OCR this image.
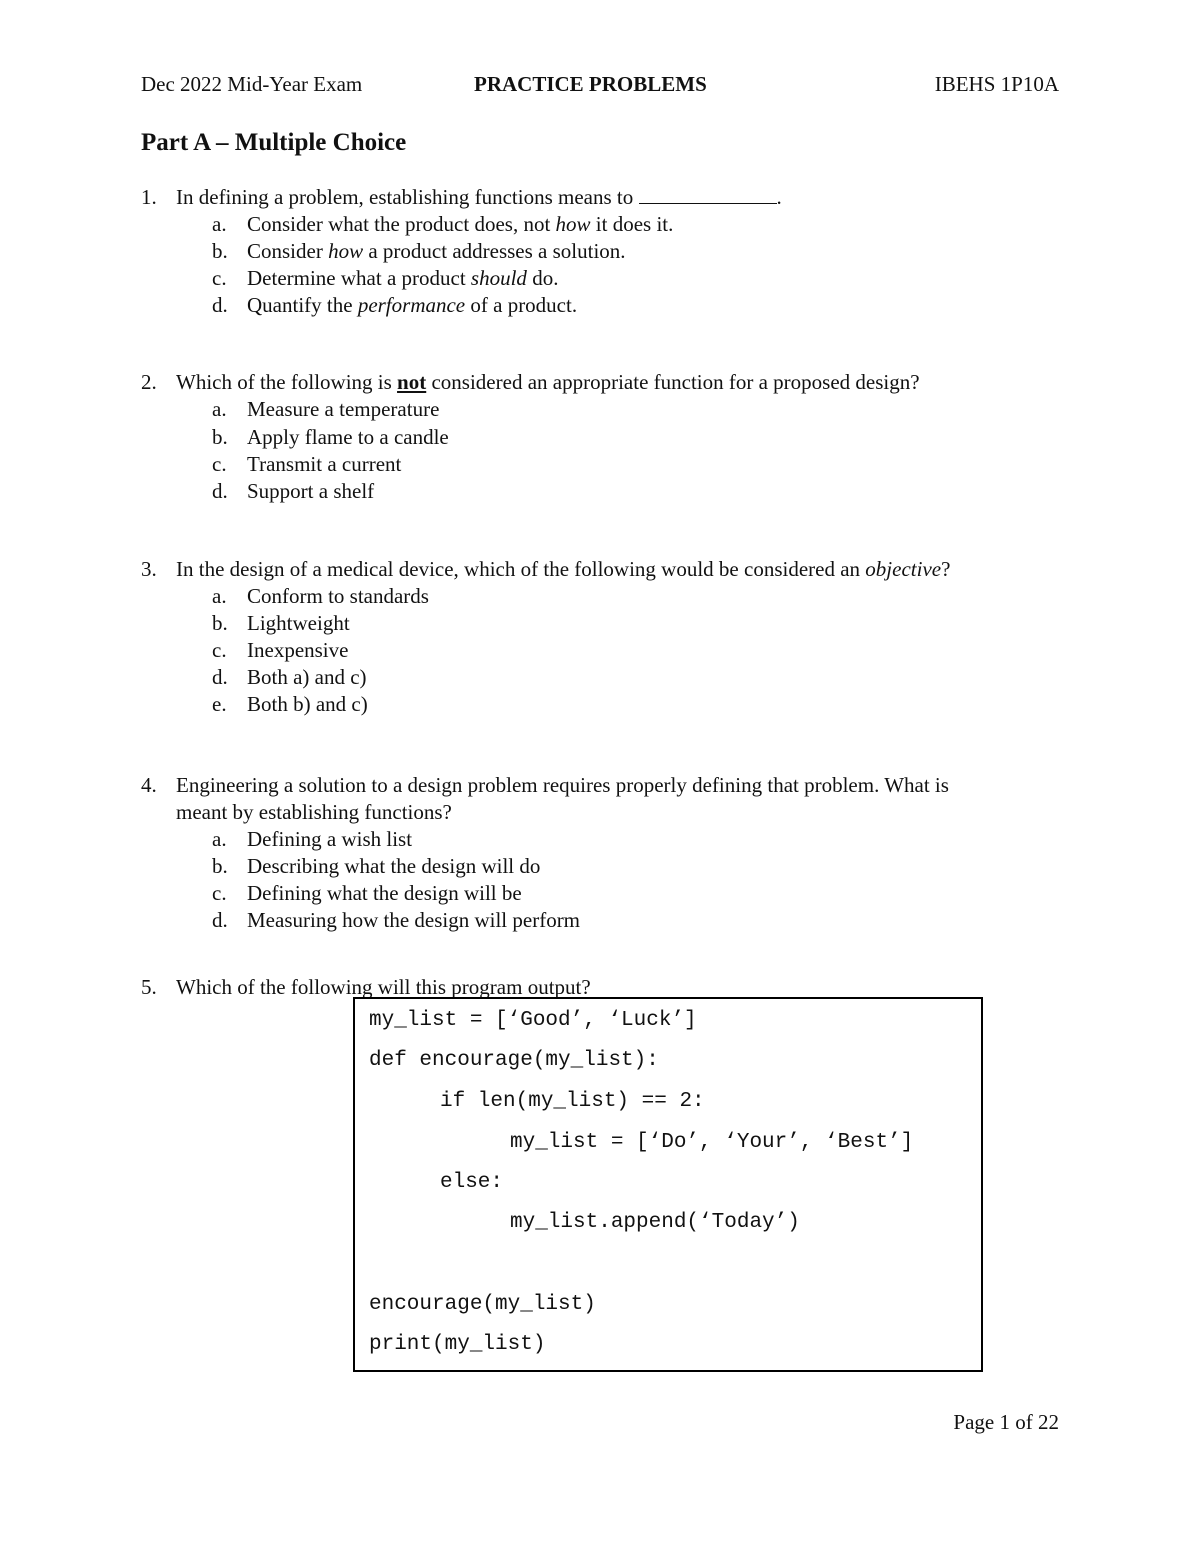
Dec 2022 Mid-Year Exam	PRACTICE PROBLEMS	IBEHS 1P10A
Part A – Multiple Choice
1. In defining a problem, establishing functions means to	.
a. Consider what the product does, not how it does it.
b. Consider how a product addresses a solution.
c. Determine what a product should do.
d. Quantify the performance of a product.
2. Which of the following is not considered an appropriate function for a proposed design?
a. Measure a temperature
b. Apply flame to a candle
c. Transmit a current
d. Support a shelf
3. In the design of a medical device, which of the following would be considered an objective?
a. Conform to standards
b. Lightweight
c. Inexpensive
d. Both a) and c)
e. Both b) and c)
4. Engineering a solution to a design problem requires properly defining that problem. What is
meant by establishing functions?
a. Defining a wish list
b. Describing what the design will do
c. Defining what the design will be
d. Measuring how the design will perform
5. Which of the following will this program output?
my_list = [‘Good’, ‘Luck’]
def encourage(my_list):
if len(my_list) == 2:
my_list = [‘Do’, ‘Your’, ‘Best’]
else:
my_list.append(‘Today’)
encourage(my_list)
print(my_list)
Page 1 of 22
